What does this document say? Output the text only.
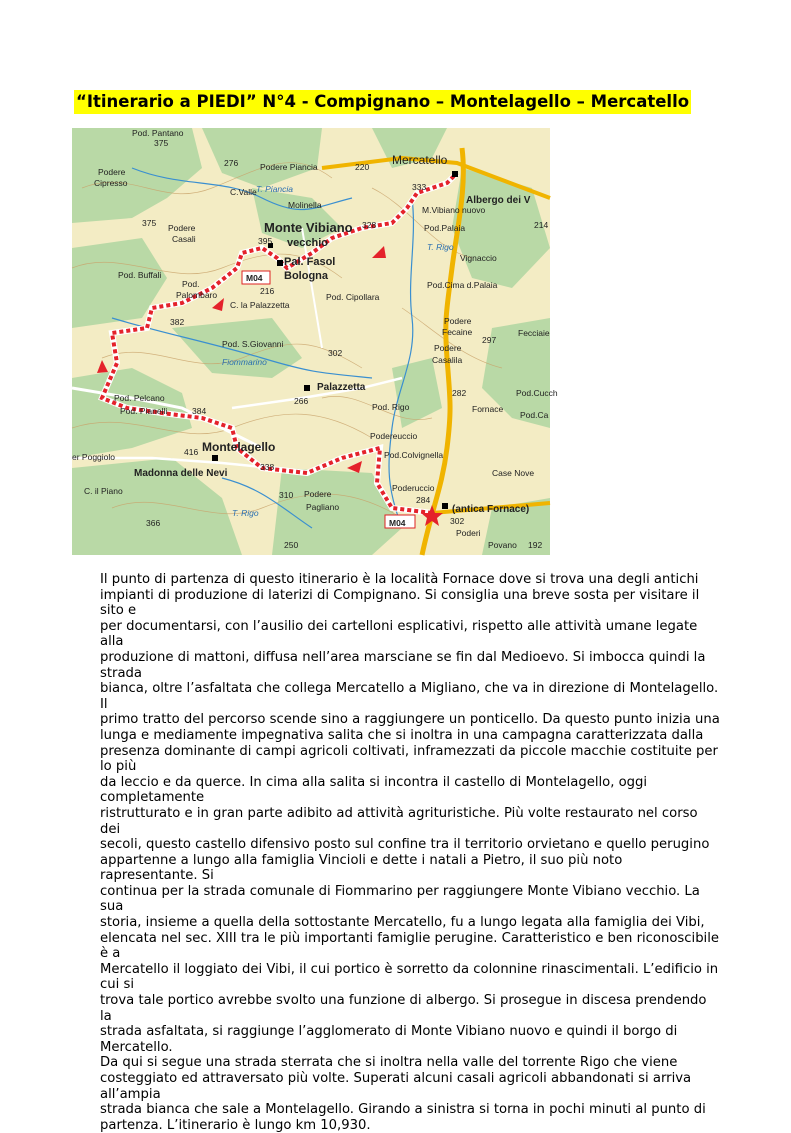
“Itinerario a PIEDI” N°4 - Compignano – Montelagello – Mercatello
Pod. Pantano
375
Podere
Cipresso
276	Podere Piancia	220 Mercatello
333
Albergo dei V
C.Valle T. Piancia
Molinella	M.Vibiano nuovo
214
375 Podere
Casali
Monte Vibiano 328
395 vecchio
Pod.Palaia
Pal. Fasol
Bologna
T. Rigo
Vignaccio
Pod. Buffali	M04
216
Pod.
Palombaro
C. la Palazzetta
Pod. Cipollara
Pod.Cima d.Palaia
382	Podere
Fecaine
297
Fecciaie
Pod. S.Giovanni
302	Podere
Casalila
Fiommarino
Palazzetta	282	Pod.Cucch
266
Fornace
Pod.Ca
Pod. Pelcano
Pod. Pianelli	384	Pod. Rigo
Montelagello
416
Podereuccio
Pod.Colvignella
er Poggiolo
Madonna delle Nevi
338
Case Nove
C. il Piano	310 Podere
Pagliano
Poderuccio
284
(antica Fornace)
366
T. Rigo
M04	302
Poderi
250	Povano 192
Il punto di partenza di questo itinerario è la località Fornace dove si trova una degli antichi
impianti di produzione di laterizi di Compignano. Si consiglia una breve sosta per visitare il sito e
per documentarsi, con l’ausilio dei cartelloni esplicativi, rispetto alle attività umane legate alla
produzione di mattoni, diffusa nell’area marsciane se fin dal Medioevo. Si imbocca quindi la strada
bianca, oltre l’asfaltata che collega Mercatello a Migliano, che va in direzione di Montelagello. Il
primo tratto del percorso scende sino a raggiungere un ponticello. Da questo punto inizia una
lunga e mediamente impegnativa salita che si inoltra in una campagna caratterizzata dalla
presenza dominante di campi agricoli coltivati, inframezzati da piccole macchie costituite per lo più
da leccio e da querce. In cima alla salita si incontra il castello di Montelagello, oggi completamente
ristrutturato e in gran parte adibito ad attività agrituristiche. Più volte restaurato nel corso dei
secoli, questo castello difensivo posto sul confine tra il territorio orvietano e quello perugino
appartenne a lungo alla famiglia Vincioli e dette i natali a Pietro, il suo più noto rapresentante. Si
continua per la strada comunale di Fiommarino per raggiungere Monte Vibiano vecchio. La sua
storia, insieme a quella della sottostante Mercatello, fu a lungo legata alla famiglia dei Vibi,
elencata nel sec. XIII tra le più importanti famiglie perugine. Caratteristico e ben riconoscibile è a
Mercatello il loggiato dei Vibi, il cui portico è sorretto da colonnine rinascimentali. L’edificio in cui si
trova tale portico avrebbe svolto una funzione di albergo. Si prosegue in discesa prendendo la
strada asfaltata, si raggiunge l’agglomerato di Monte Vibiano nuovo e quindi il borgo di Mercatello.
Da qui si segue una strada sterrata che si inoltra nella valle del torrente Rigo che viene
costeggiato ed attraversato più volte. Superati alcuni casali agricoli abbandonati si arriva all’ampia
strada bianca che sale a Montelagello. Girando a sinistra si torna in pochi minuti al punto di
partenza. L’itinerario è lungo km 10,930.
